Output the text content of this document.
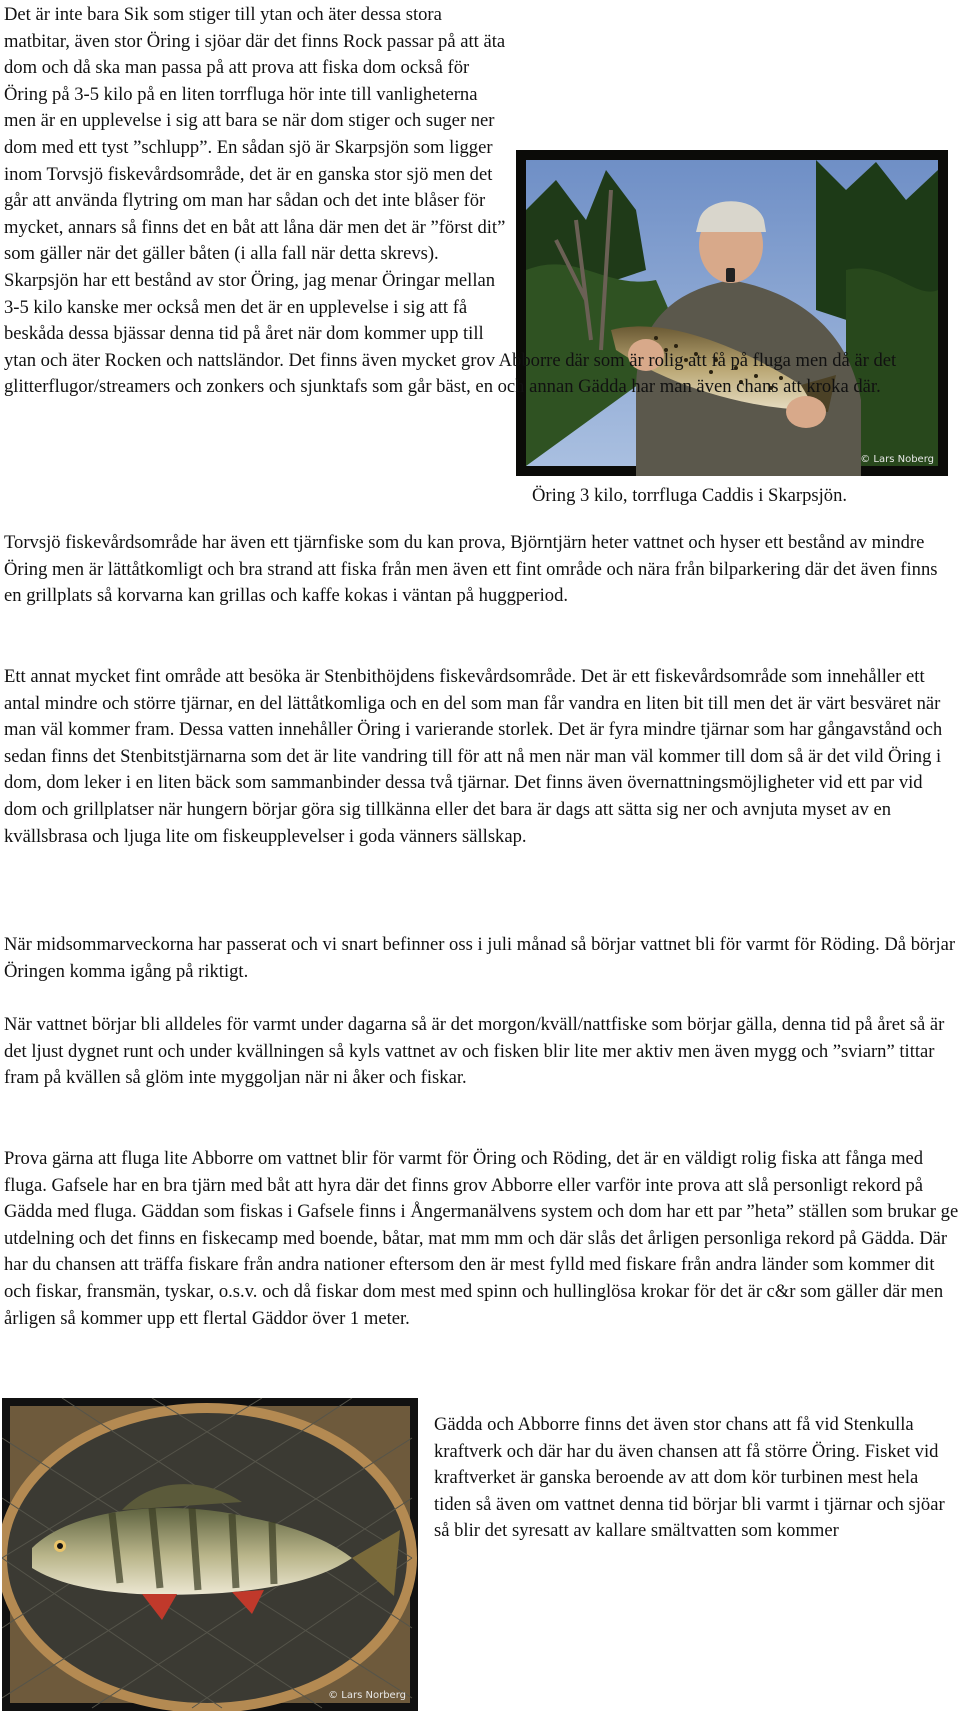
© Lars Noberg

Det är inte bara Sik som stiger till ytan och äter dessa stora matbitar, även stor Öring i sjöar där det finns Rock passar på att äta dom och då ska man passa på att prova att fiska dom också för Öring på 3-5 kilo på en liten torrfluga hör inte till vanligheterna men är en upplevelse i sig att bara se när dom stiger och suger ner dom med ett tyst ”schlupp”. En sådan sjö är Skarpsjön som ligger inom Torvsjö fiskevårdsområde, det är en ganska stor sjö men det går att använda flytring om man har sådan och det inte blåser för mycket, annars så finns det en båt att låna där men det är ”först dit” som gäller när det gäller båten (i alla fall när detta skrevs). Skarpsjön har ett bestånd av stor Öring, jag menar Öringar mellan 3-5 kilo kanske mer också men det är en upplevelse i sig att få beskåda dessa bjässar denna tid på året när dom kommer upp till ytan och äter Rocken och nattsländor. Det finns även mycket grov Abborre där som är rolig att få på fluga men då är det glitterflugor/streamers och zonkers och sjunktafs som går bäst, en och annan Gädda har man även chans att kroka där.

Öring 3 kilo, torrfluga Caddis i Skarpsjön.

Torvsjö fiskevårdsområde har även ett tjärnfiske som du kan prova, Björntjärn heter vattnet och hyser ett bestånd av mindre Öring men är lättåtkomligt och bra strand att fiska från men även ett fint område och nära från bilparkering där det även finns en grillplats så korvarna kan grillas och kaffe kokas i väntan på huggperiod.

Ett annat mycket fint område att besöka är Stenbithöjdens fiskevårdsområde. Det är ett fiskevårdsområde som innehåller ett antal mindre och större tjärnar, en del lättåtkomliga och en del som man får vandra en liten bit till men det är värt besväret när man väl kommer fram. Dessa vatten innehåller Öring i varierande storlek. Det är fyra mindre tjärnar som har gångavstånd och sedan finns det Stenbitstjärnarna som det är lite vandring till för att nå men när man väl kommer till dom så är det vild Öring i dom, dom leker i en liten bäck som sammanbinder dessa två tjärnar. Det finns även övernattningsmöjligheter vid ett par vid dom och grillplatser när hungern börjar göra sig tillkänna eller det bara är dags att sätta sig ner och avnjuta myset av en kvällsbrasa och ljuga lite om fiskeupplevelser i goda vänners sällskap.

När midsommarveckorna har passerat och vi snart befinner oss i juli månad så börjar vattnet bli för varmt för Röding. Då börjar Öringen komma igång på riktigt.

När vattnet börjar bli alldeles för varmt under dagarna så är det morgon/kväll/nattfiske som börjar gälla, denna tid på året så är det ljust dygnet runt och under kvällningen så kyls vattnet av och fisken blir lite mer aktiv men även mygg och ”sviarn” tittar fram på kvällen så glöm inte myggoljan när ni åker och fiskar.

Prova gärna att fluga lite Abborre om vattnet blir för varmt för Öring och Röding, det är en väldigt rolig fiska att fånga med fluga. Gafsele har en bra tjärn med båt att hyra där det finns grov Abborre eller varför inte prova att slå personligt rekord på Gädda med fluga. Gäddan som fiskas i Gafsele finns i Ångermanälvens system och dom har ett par ”heta” ställen som brukar ge utdelning och det finns en fiskecamp med boende, båtar, mat mm mm och där slås det årligen personliga rekord på Gädda. Där har du chansen att träffa fiskare från andra nationer eftersom den är mest fylld med fiskare från andra länder som kommer dit och fiskar, fransmän, tyskar, o.s.v. och då fiskar dom mest med spinn och hullinglösa krokar för det är c&r som gäller där men årligen så kommer upp ett flertal Gäddor över 1 meter.

© Lars Norberg

Gädda och Abborre finns det även stor chans att få vid Stenkulla kraftverk och där har du även chansen att få större Öring. Fisket vid kraftverket är ganska beroende av att dom kör turbinen mest hela tiden så även om vattnet denna tid börjar bli varmt i tjärnar och sjöar så blir det syresatt av kallare smältvatten som kommer
